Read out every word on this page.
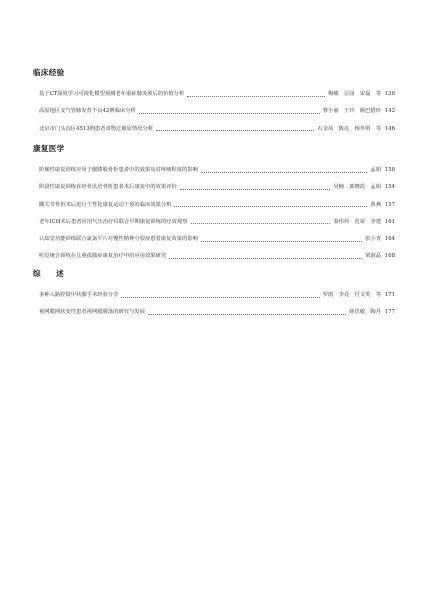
临床经验
基于CT深度学习可视化模型预测老年重症肺炎预后的价值分析	梅峻　宗园　宋磊　等 138
高原地区支气管肺发育不良42例临床分析	曹小丽　王玲　颜巴措珍 142
北京市门头沟区4513例患者食物过敏原情况分析	石金凤　陈亮　杨冬明　等 146
康复医学
阶梯性康复训练应用于髋膝股骨折患者中的效果及对疼痛程度的影响	孟娟 150
阶段性康复训练在经骨汎培骨折患者术后康复中的效果评价	吴楠　郭晓霞　孟娟 154
踝关节骨折术后进行个性化康复运动干预的临床效果分析	黄燕 157
老年ICH术后患者应用气压治疗仪联合早期康复训练的疗效观察	秦伟伟　范荣　李建 161
认知觉功能训练联合氯氮平片对慢性精神分裂症患者康复效果的影响	张小青 164
听觉统合训练在儿童孤独症康复治疗中的应用效果研究	梁淑晶 168
综　述
多种入路腔镜甲状腺手术经验分享	罗雨　李亮　付文笑　等 171
视网膜网状变性患者视网膜脱落的研究与发展	薛思敏　陶丹 177
